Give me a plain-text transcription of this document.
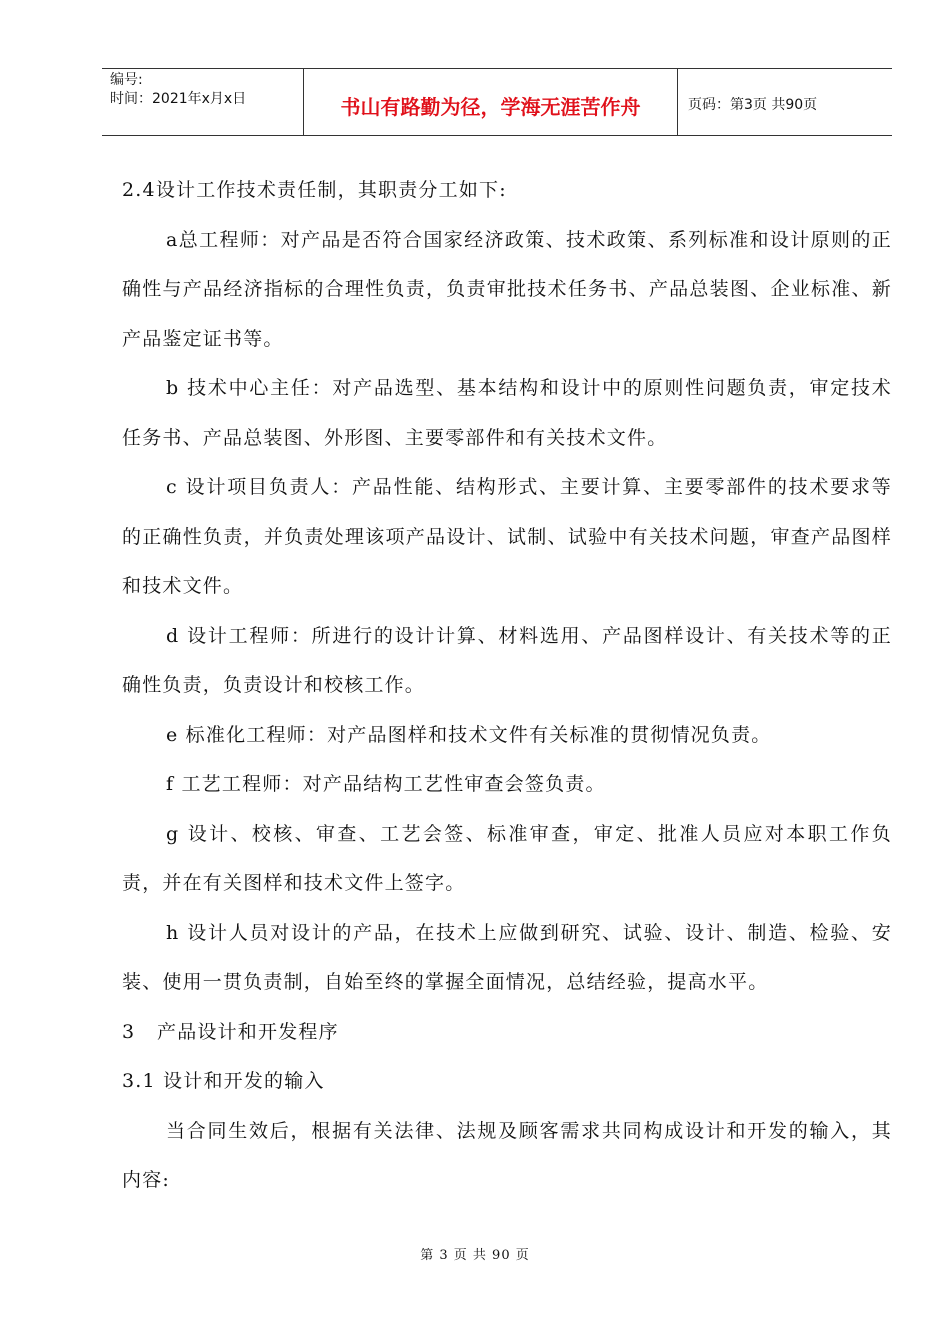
编号:
时间：2021年x月x日	书山有路勤为径，学海无涯苦作舟	页码：第3页 共90页

2.4设计工作技术责任制，其职责分工如下:

a总工程师：对产品是否符合国家经济政策、技术政策、系列标准和设计原则的正确性与产品经济指标的合理性负责，负责审批技术任务书、产品总装图、企业标准、新产品鉴定证书等。

b 技术中心主任：对产品选型、基本结构和设计中的原则性问题负责，审定技术任务书、产品总装图、外形图、主要零部件和有关技术文件。

c 设计项目负责人：产品性能、结构形式、主要计算、主要零部件的技术要求等的正确性负责，并负责处理该项产品设计、试制、试验中有关技术问题，审查产品图样和技术文件。

d 设计工程师：所进行的设计计算、材料选用、产品图样设计、有关技术等的正确性负责，负责设计和校核工作。

e 标准化工程师：对产品图样和技术文件有关标准的贯彻情况负责。

f 工艺工程师：对产品结构工艺性审查会签负责。

g 设计、校核、审查、工艺会签、标准审查，审定、批准人员应对本职工作负责，并在有关图样和技术文件上签字。

h 设计人员对设计的产品，在技术上应做到研究、试验、设计、制造、检验、安装、使用一贯负责制，自始至终的掌握全面情况，总结经验，提高水平。

3   产品设计和开发程序

3.1 设计和开发的输入

当合同生效后，根据有关法律、法规及顾客需求共同构成设计和开发的输入，其内容:

第 3 页 共 90 页
